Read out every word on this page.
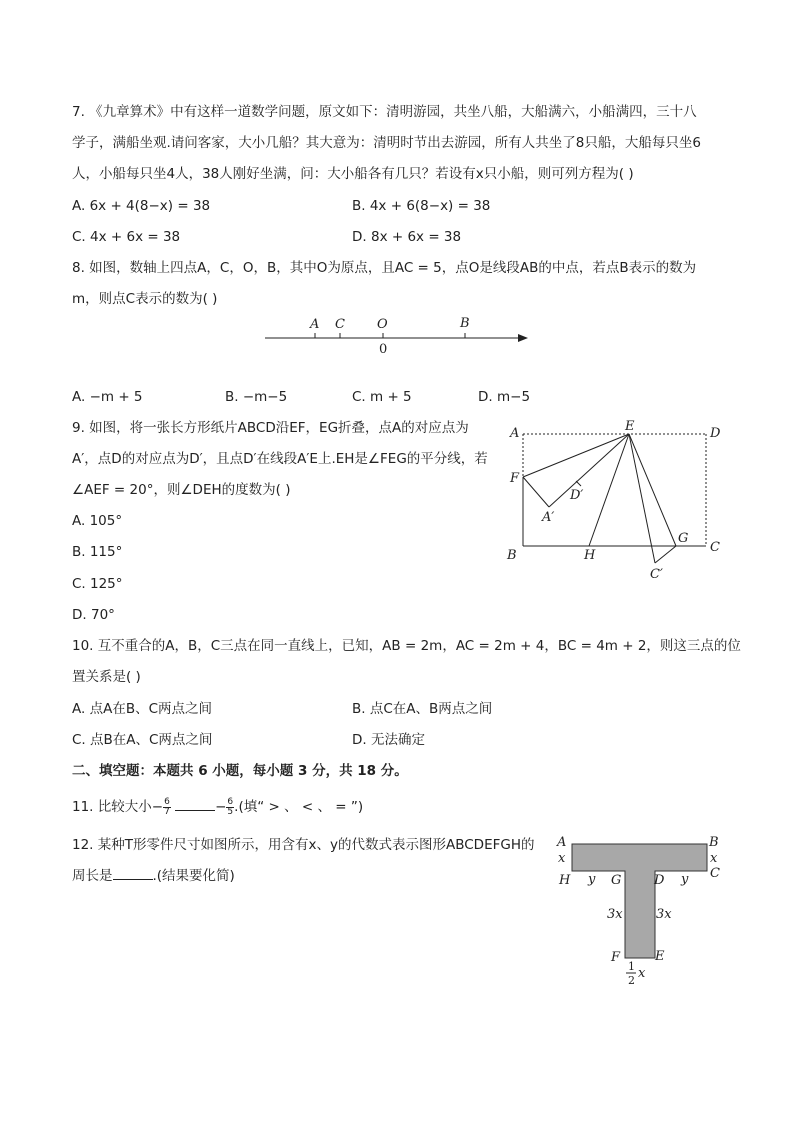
7. 《九章算术》中有这样一道数学问题，原文如下：清明游园，共坐八船，大船满六，小船满四，三十八
学子，满船坐观.请问客家，大小几船？其大意为：清明时节出去游园，所有人共坐了8只船，大船每只坐6
人，小船每只坐4人，38人刚好坐满，问：大小船各有几只？若设有x只小船，则可列方程为( )
A. 6x + 4(8−x) = 38	B. 4x + 6(8−x) = 38
C. 4x + 6x = 38	D. 8x + 6x = 38
8. 如图，数轴上四点A，C，O，B，其中O为原点，且AC = 5，点O是线段AB的中点，若点B表示的数为
m，则点C表示的数为( )
A C O	B
0
A. −m + 5	B. −m−5	C. m + 5	D. m−5
9. 如图，将一张长方形纸片ABCD沿EF，EG折叠，点A的对应点为
A′，点D的对应点为D′，且点D′在线段A′E上.EH是∠FEG的平分线，若
∠AEF = 20°，则∠DEH的度数为( )
A. 105°
B. 115°
C. 125°
D. 70°
A	E	D
F
D′
A′
B	H
G
C
C′
10. 互不重合的A，B，C三点在同一直线上，已知，AB = 2m，AC = 2m + 4，BC = 4m + 2，则这三点的位
置关系是( )
A. 点A在B、C两点之间	B. 点C在A、B两点之间
C. 点B在A、C两点之间	D. 无法确定
二、填空题：本题共 6 小题，每小题 3 分，共 18 分。
11. 比较大小− $\frac{6}{7}$	− $\frac{6}{5}$ .(填“ > 、 < 、 = ”)
12. 某种T形零件尺寸如图所示，用含有x、y的代数式表示图形ABCDEFGH的
周长是	.(结果要化简)
A	B
C
D
E
F
G
H
x	x
y	y
3x	3x
1
2 x
